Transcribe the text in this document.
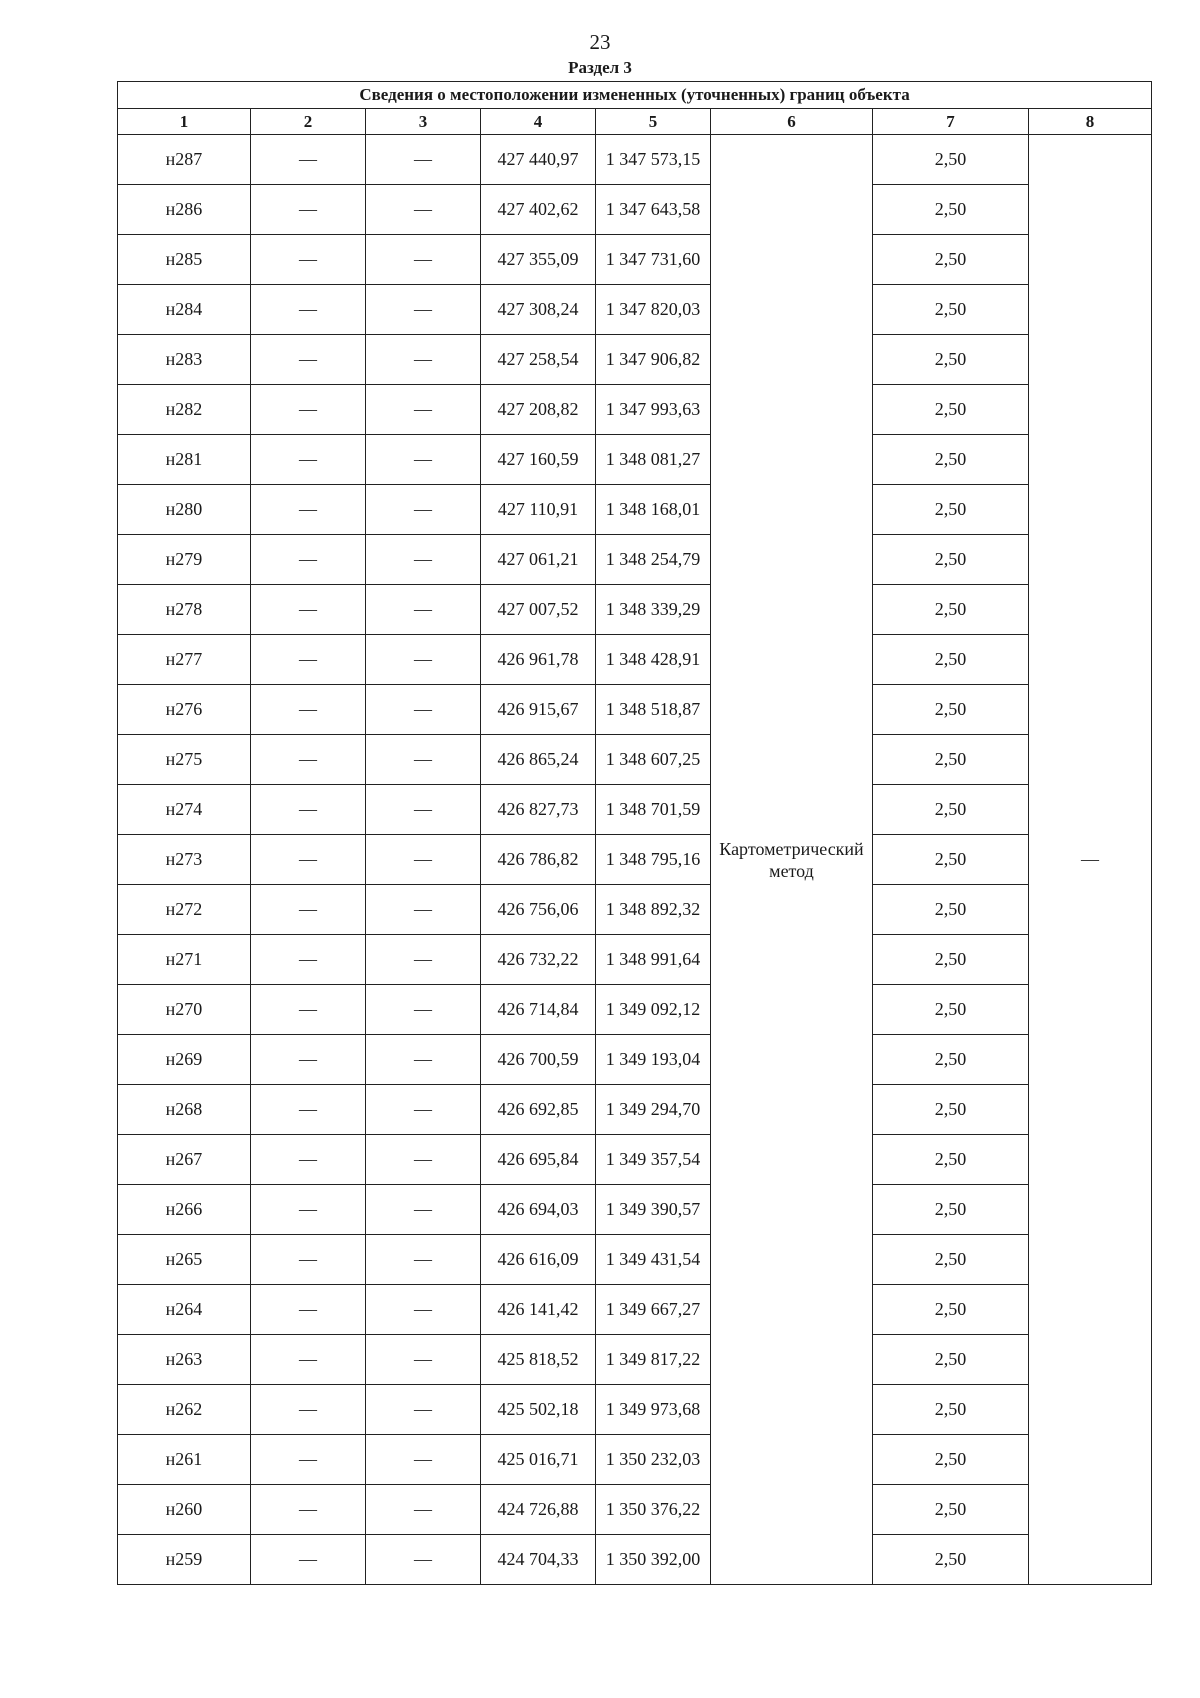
23
Раздел 3
Сведения о местоположении измененных (уточненных) границ объекта							
1	2	3	4	5	6	7	8
н287	—	—	427 440,97	1 347 573,15	Картометрический метод	2,50	—
н286	—	—	427 402,62	1 347 643,58		2,50	
н285	—	—	427 355,09	1 347 731,60		2,50	
н284	—	—	427 308,24	1 347 820,03		2,50	
н283	—	—	427 258,54	1 347 906,82		2,50	
н282	—	—	427 208,82	1 347 993,63		2,50	
н281	—	—	427 160,59	1 348 081,27		2,50	
н280	—	—	427 110,91	1 348 168,01		2,50	
н279	—	—	427 061,21	1 348 254,79		2,50	
н278	—	—	427 007,52	1 348 339,29		2,50	
н277	—	—	426 961,78	1 348 428,91		2,50	
н276	—	—	426 915,67	1 348 518,87		2,50	
н275	—	—	426 865,24	1 348 607,25		2,50	
н274	—	—	426 827,73	1 348 701,59		2,50	
н273	—	—	426 786,82	1 348 795,16		2,50	
н272	—	—	426 756,06	1 348 892,32		2,50	
н271	—	—	426 732,22	1 348 991,64		2,50	
н270	—	—	426 714,84	1 349 092,12		2,50	
н269	—	—	426 700,59	1 349 193,04		2,50	
н268	—	—	426 692,85	1 349 294,70		2,50	
н267	—	—	426 695,84	1 349 357,54		2,50	
н266	—	—	426 694,03	1 349 390,57		2,50	
н265	—	—	426 616,09	1 349 431,54		2,50	
н264	—	—	426 141,42	1 349 667,27		2,50	
н263	—	—	425 818,52	1 349 817,22		2,50	
н262	—	—	425 502,18	1 349 973,68		2,50	
н261	—	—	425 016,71	1 350 232,03		2,50	
н260	—	—	424 726,88	1 350 376,22		2,50	
н259	—	—	424 704,33	1 350 392,00		2,50	
